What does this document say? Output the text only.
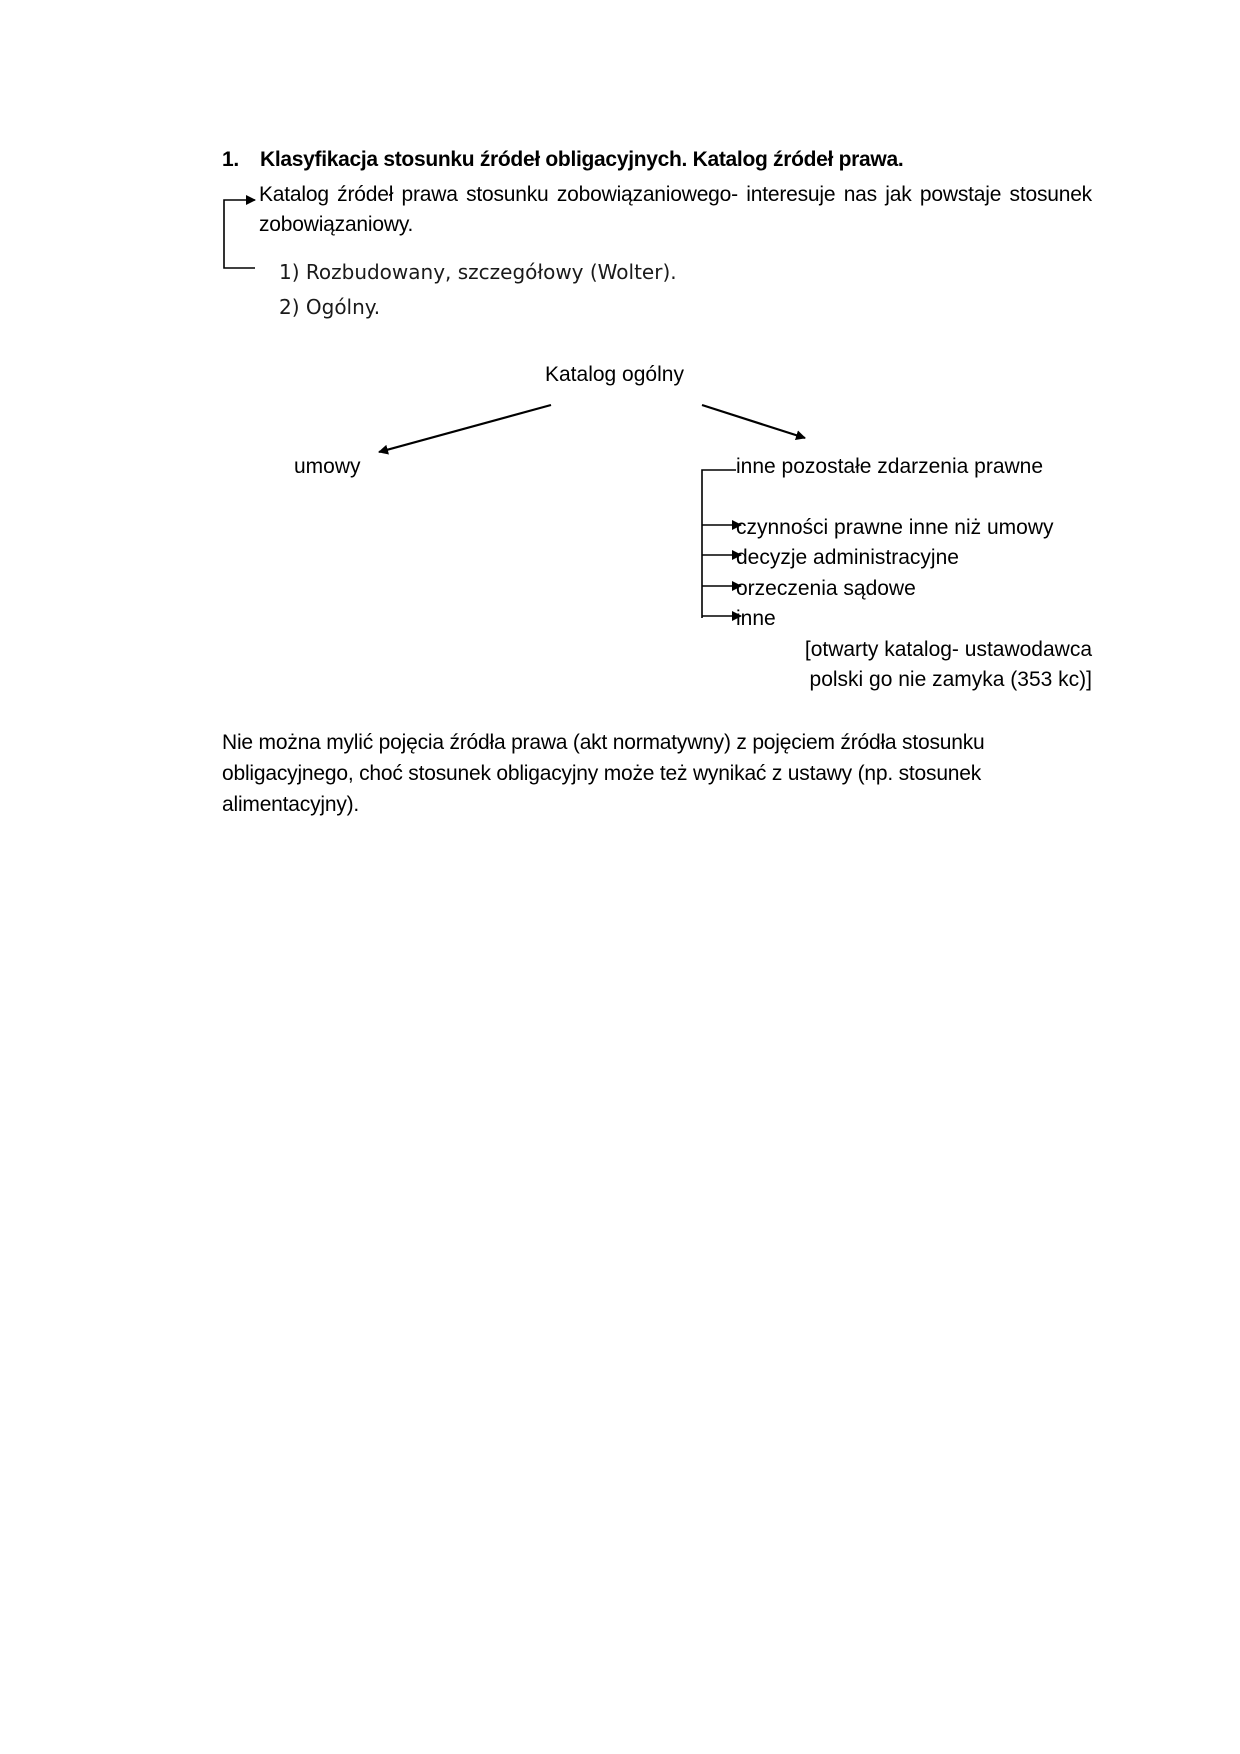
1. Klasyfikacja stosunku źródeł obligacyjnych. Katalog źródeł prawa.
Katalog źródeł prawa stosunku zobowiązaniowego- interesuje nas jak powstaje stosunek zobowiązaniowy.
1) Rozbudowany, szczegółowy (Wolter).
2) Ogólny.
Katalog ogólny
umowy	inne pozostałe zdarzenia prawne
czynności prawne inne niż umowy
decyzje administracyjne
orzeczenia sądowe
inne
[otwarty katalog- ustawodawca
polski go nie zamyka (353 kc)]
Nie można mylić pojęcia źródła prawa (akt normatywny) z pojęciem źródła stosunku obligacyjnego, choć stosunek obligacyjny może też wynikać z ustawy (np. stosunek alimentacyjny).
